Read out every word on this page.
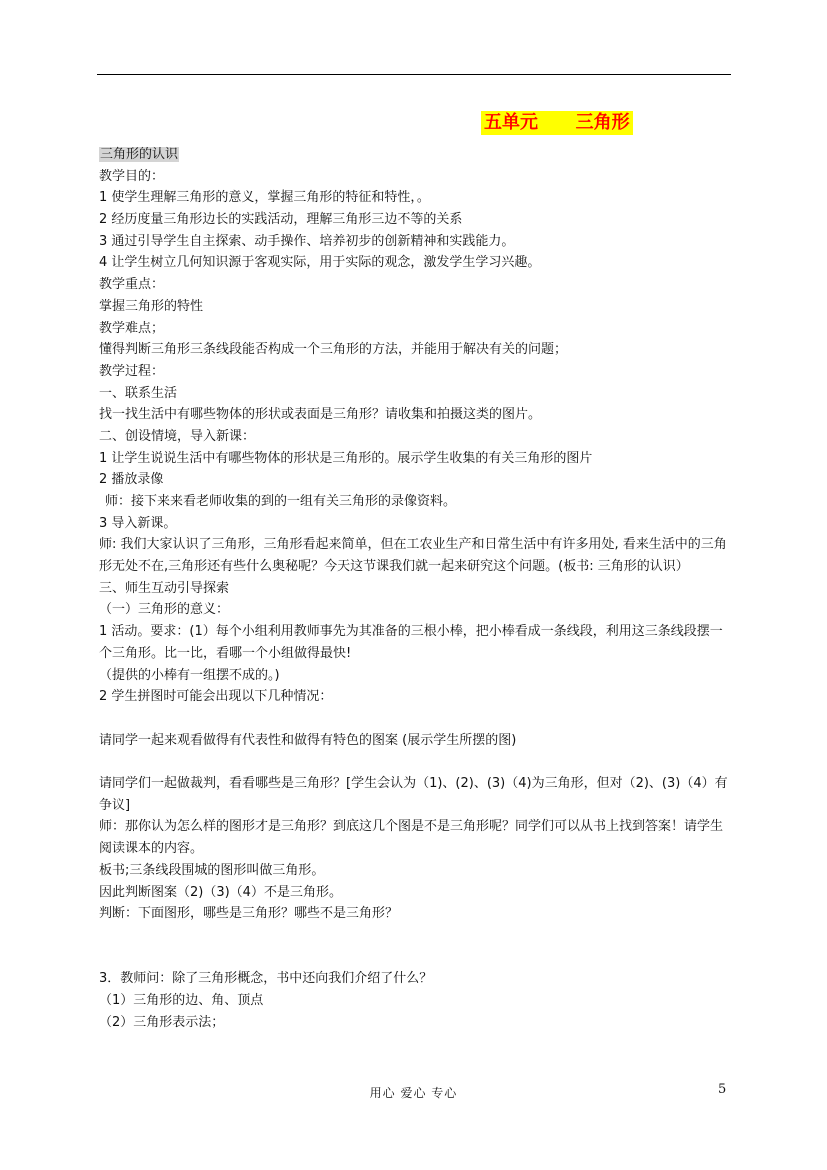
五单元      三角形
三角形的认识
教学目的：
1 使学生理解三角形的意义，掌握三角形的特征和特性，。
2 经历度量三角形边长的实践活动，理解三角形三边不等的关系
3 通过引导学生自主探索、动手操作、培养初步的创新精神和实践能力。
4 让学生树立几何知识源于客观实际，用于实际的观念，激发学生学习兴趣。
教学重点：
掌握三角形的特性
教学难点；
懂得判断三角形三条线段能否构成一个三角形的方法，并能用于解决有关的问题；
教学过程：
一、联系生活
找一找生活中有哪些物体的形状或表面是三角形？请收集和拍摄这类的图片。
二、创设情境，导入新课：
1 让学生说说生活中有哪些物体的形状是三角形的。展示学生收集的有关三角形的图片
2 播放录像
师：接下来来看老师收集的到的一组有关三角形的录像资料。
3 导入新课。
师: 我们大家认识了三角形，三角形看起来简单，但在工农业生产和日常生活中有许多用处, 看来生活中的三角形无处不在,三角形还有些什么奥秘呢？今天这节课我们就一起来研究这个问题。(板书: 三角形的认识）
三、师生互动引导探索
（一）三角形的意义：
1 活动。要求：(1）每个小组利用教师事先为其准备的三根小棒，把小棒看成一条线段，利用这三条线段摆一个三角形。比一比，看哪一个小组做得最快!
（提供的小棒有一组摆不成的。)
2 学生拼图时可能会出现以下几种情况：
请同学一起来观看做得有代表性和做得有特色的图案 (展示学生所摆的图)
请同学们一起做裁判，看看哪些是三角形？[学生会认为（1)、(2)、(3)（4)为三角形，但对（2)、(3)（4）有争议]
师：那你认为怎么样的图形才是三角形？到底这几个图是不是三角形呢？同学们可以从书上找到答案！请学生阅读课本的内容。
板书;三条线段围城的图形叫做三角形。
因此判断图案（2)（3)（4）不是三角形。
判断：下面图形，哪些是三角形？哪些不是三角形？
3．教师问：除了三角形概念，书中还向我们介绍了什么？
（1）三角形的边、角、顶点
（2）三角形表示法；
用心 爱心 专心	5
